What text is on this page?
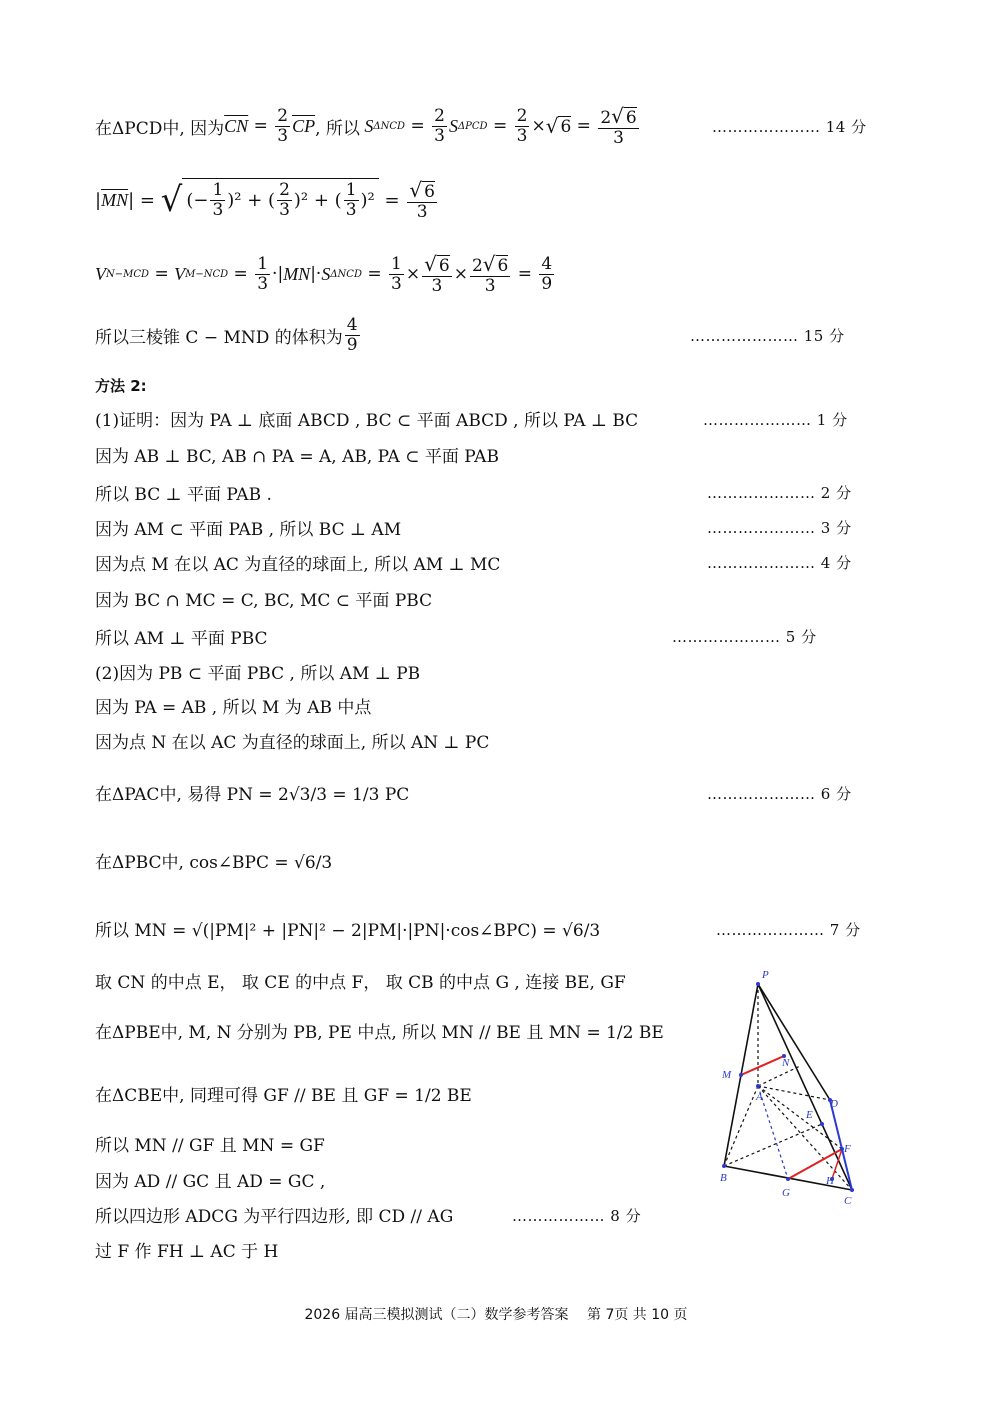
在ΔPCD中, 因为 $\overline{CN} = \frac{2}{3} \overline{CP}$ , 所以 S $\Delta NCD = \frac{2}{3}$ S $\Delta PCD = \frac{2}{3}$ × √ $6 = \frac{2√ 6}{3}$	………………… 14 分
$|\overline{MN}|$ = √ (− $\frac{1}{3} )^2$ + ( $\frac{2}{3} )^2$ + ( $\frac{1}{3} )^2 = \frac{√ 6}{3}$
V N−MCD = V $M-NCD = \frac{1}{3}$ ·| MN |· S $\Delta NCD = \frac{1}{3} \times \frac{√ 6}{3} \times \frac{2√ 6}{3} = \frac{4}{9}$
所以三棱锥 C − MND 的体积为 $\frac{4}{9}$	………………… 15 分
方法 2:
(1)证明：因为 PA ⊥ 底面 ABCD , BC ⊂ 平面 ABCD , 所以 PA ⊥ BC	………………… 1 分
因为 AB ⊥ BC, AB ∩ PA = A, AB, PA ⊂ 平面 PAB
所以 BC ⊥ 平面 PAB .	………………… 2 分
因为 AM ⊂ 平面 PAB , 所以 BC ⊥ AM	………………… 3 分
因为点 M 在以 AC 为直径的球面上, 所以 AM ⊥ MC	………………… 4 分
因为 BC ∩ MC = C, BC, MC ⊂ 平面 PBC
所以 AM ⊥ 平面 PBC	………………… 5 分
(2)因为 PB ⊂ 平面 PBC , 所以 AM ⊥ PB
因为 PA = AB , 所以 M 为 AB 中点
因为点 N 在以 AC 为直径的球面上, 所以 AN ⊥ PC
在ΔPAC中, 易得 PN = 2√3/3 = 1/3 PC	………………… 6 分
在ΔPBC中, cos∠BPC = √6/3
所以 MN = √(|PM|² + |PN|² − 2|PM|·|PN|·cos∠BPC) = √6/3	………………… 7 分
取 CN 的中点 E， 取 CE 的中点 F， 取 CB 的中点 G , 连接 BE, GF
在ΔPBE中, M, N 分别为 PB, PE 中点, 所以 MN // BE 且 MN = 1/2 BE
在ΔCBE中, 同理可得 GF // BE 且 GF = 1/2 BE
所以 MN // GF 且 MN = GF
因为 AD // GC 且 AD = GC ,
所以四边形 ADCG 为平行四边形, 即 CD // AG	……………… 8 分
过 F 作 FH ⊥ AC 于 H
P
M
N
A
D
E
F
B
G
H
C
2026 届高三模拟测试（二）数学参考答案　 第 7页 共 10 页
